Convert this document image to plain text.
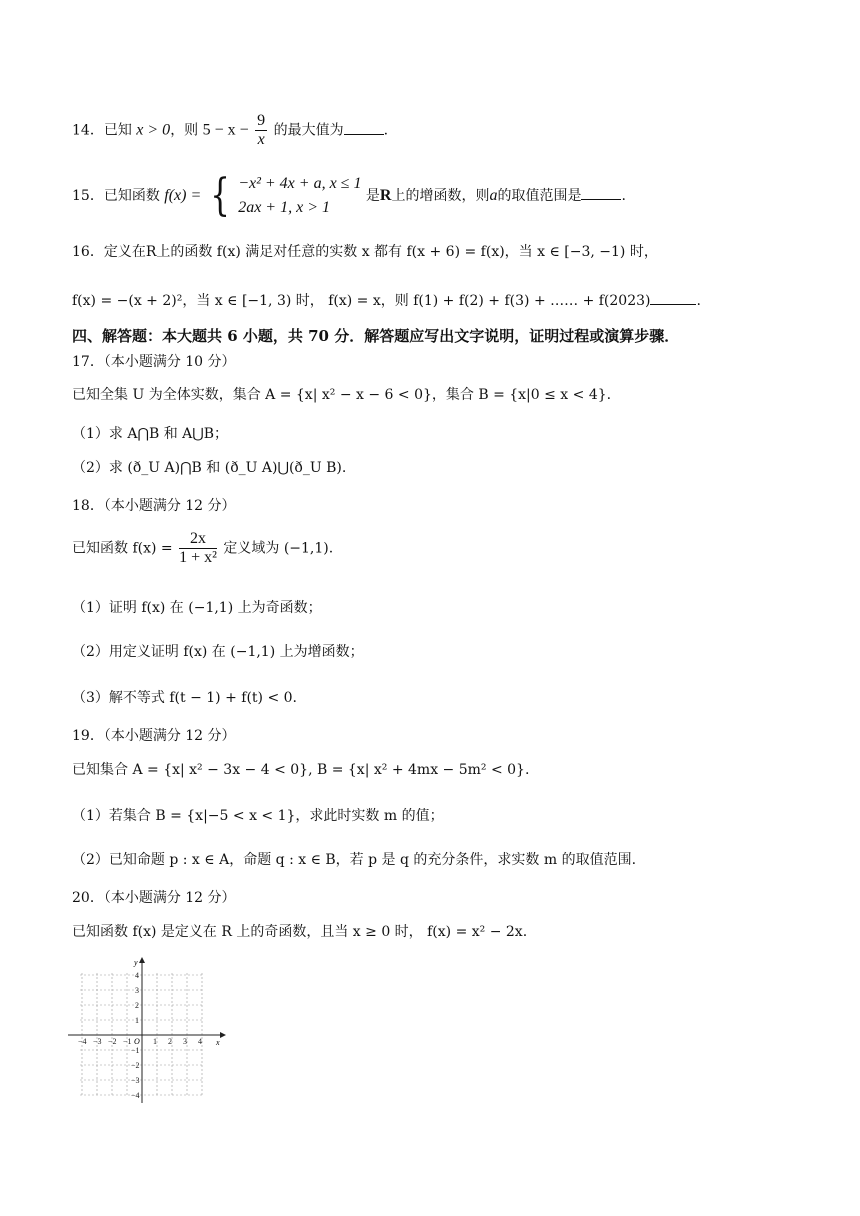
14．已知 x > 0，则 $5 - x - \frac{9}{x}$ 的最大值为	.
15．已知函数 f(x) = { −x² + 4x + a, x ≤ 1
2ax + 1, x > 1
是R上的增函数，则a的取值范围是	.
16．定义在R上的函数 f(x) 满足对任意的实数 x 都有 f(x + 6) = f(x)，当 x ∈ [−3, −1) 时，
f(x) = −(x + 2)²，当 x ∈ [−1, 3) 时， f(x) = x，则 f(1) + f(2) + f(3) + …… + f(2023)	.
四、解答题：本大题共 6 小题，共 70 分．解答题应写出文字说明，证明过程或演算步骤．
17．（本小题满分 10 分）
已知全集 U 为全体实数，集合 A = {x| x² − x − 6 < 0}，集合 B = {x|0 ≤ x < 4}.
（1）求 A⋂B 和 A⋃B；
（2）求 (ð_U A)⋂B 和 (ð_U A)⋃(ð_U B).
18．（本小题满分 12 分）
已知函数 $f(x) = \frac{2x}{\text{1 + x²}}$ 定义域为 (−1,1).
（1）证明 f(x) 在 (−1,1) 上为奇函数；
（2）用定义证明 f(x) 在 (−1,1) 上为增函数；
（3）解不等式 f(t − 1) + f(t) < 0.
19．（本小题满分 12 分）
已知集合 A = {x| x² − 3x − 4 < 0}, B = {x| x² + 4mx − 5m² < 0}.
（1）若集合 B = {x|−5 < x < 1}，求此时实数 m 的值；
（2）已知命题 p : x ∈ A，命题 q : x ∈ B，若 p 是 q 的充分条件，求实数 m 的取值范围.
20．（本小题满分 12 分）
已知函数 f(x) 是定义在 R 上的奇函数，且当 x ≥ 0 时， f(x) = x² − 2x.
x
y
O
−4 −3 −2 −1	1 2 3 4
4
3
2
1
−1
−2
−3
−4
